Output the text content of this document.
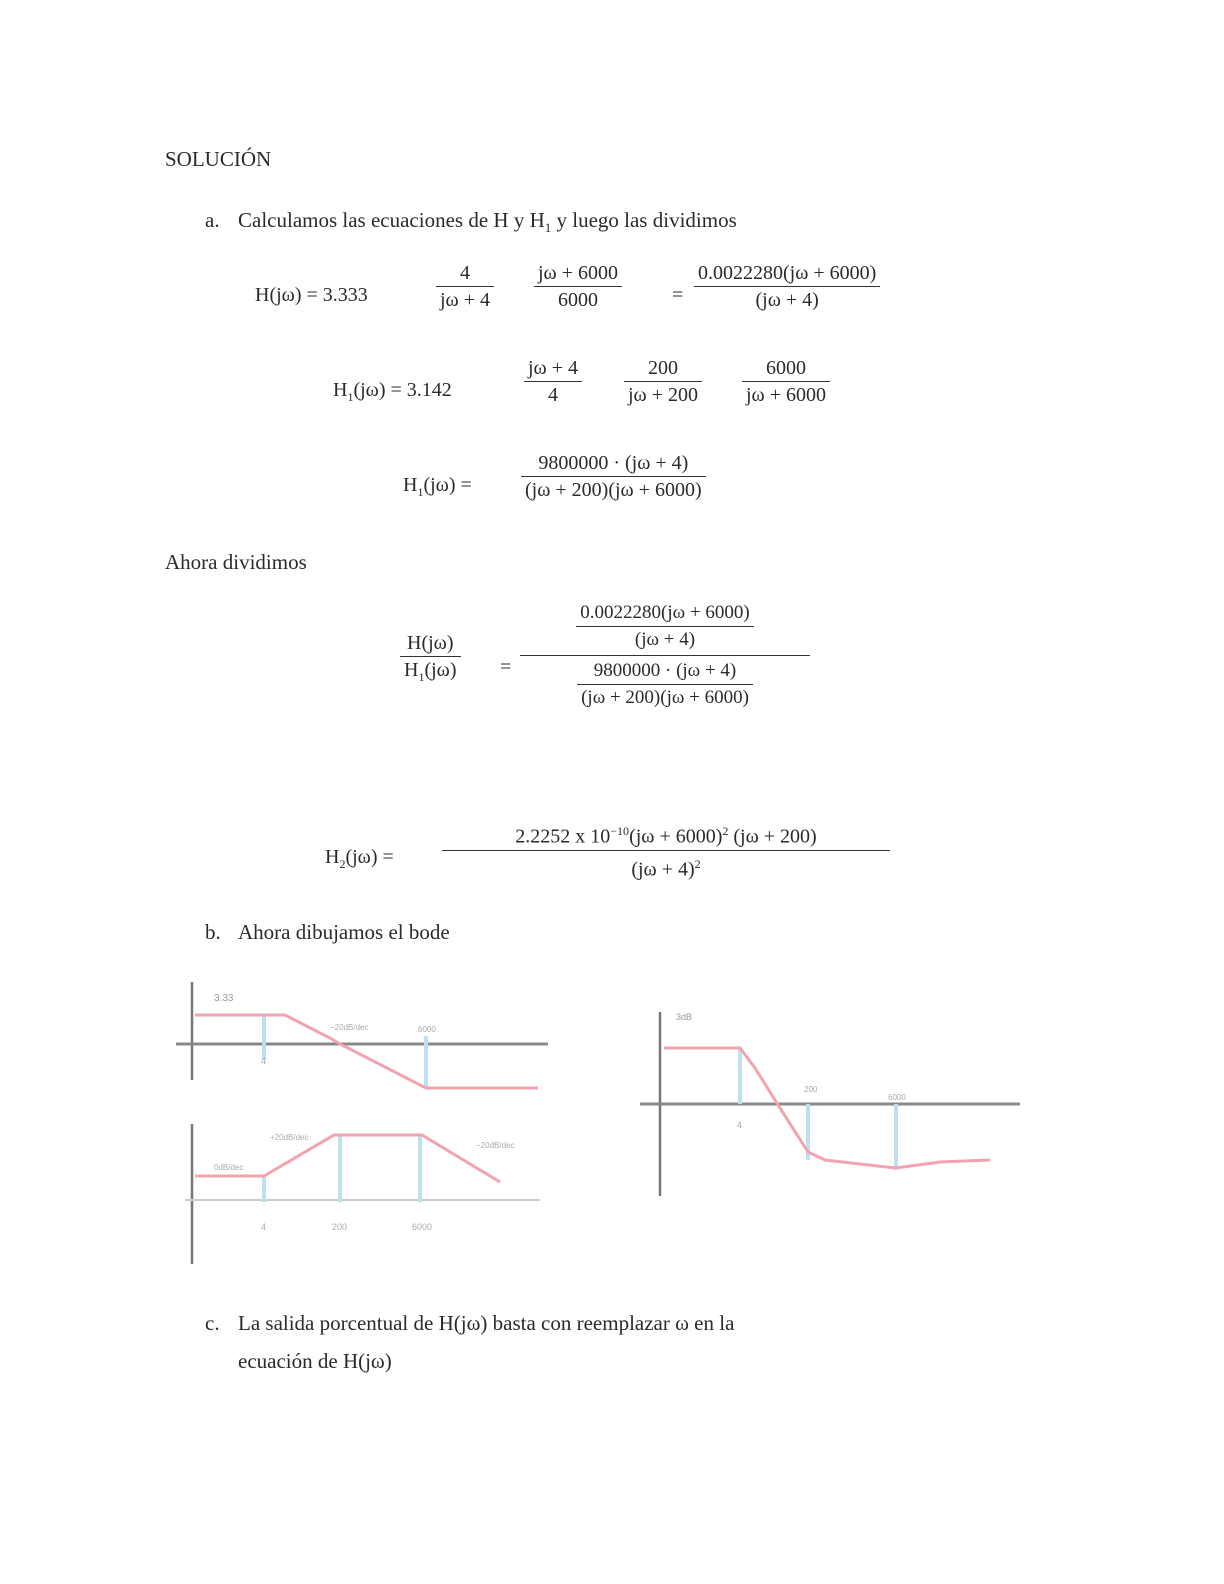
SOLUCIÓN
a. Calculamos las ecuaciones de H y $H_1$ y luego las dividimos
H(jω) = 3.333
4
jω + 4
jω + 6000
6000	=
0.0022280(jω + 6000)
(jω + 4)
$H_1(j\omega) = 3.142$
jω + 4
4
200
jω + 200
6000
jω + 6000
$H_1(j\omega)$ =
9800000 · (jω + 4)
(jω + 200)(jω + 6000)
Ahora dividimos
H(jω)
$H_1(j\omega)$ =
$\frac{0.0022280(j\omega + 6000)}{(j\omega + 4)}$
$\frac{9800000 \cdot (j\omega + 4)}{(j\omega + 200)(j\omega + 6000)}$
$H_2(j\omega)$ =
2.2252 x $10^{-10}(j\omega + 6000)^2$ (jω + 200)
$(j\omega + 4)^2$
b. Ahora dibujamos el bode
3.33
−20dB/dec	6000
4
0dB/dec
+20dB/dec
−20dB/dec
4	200	6000
3dB
4
200
6000
c. La salida porcentual de H(jω) basta con reemplazar ω en la
ecuación de H(jω)
